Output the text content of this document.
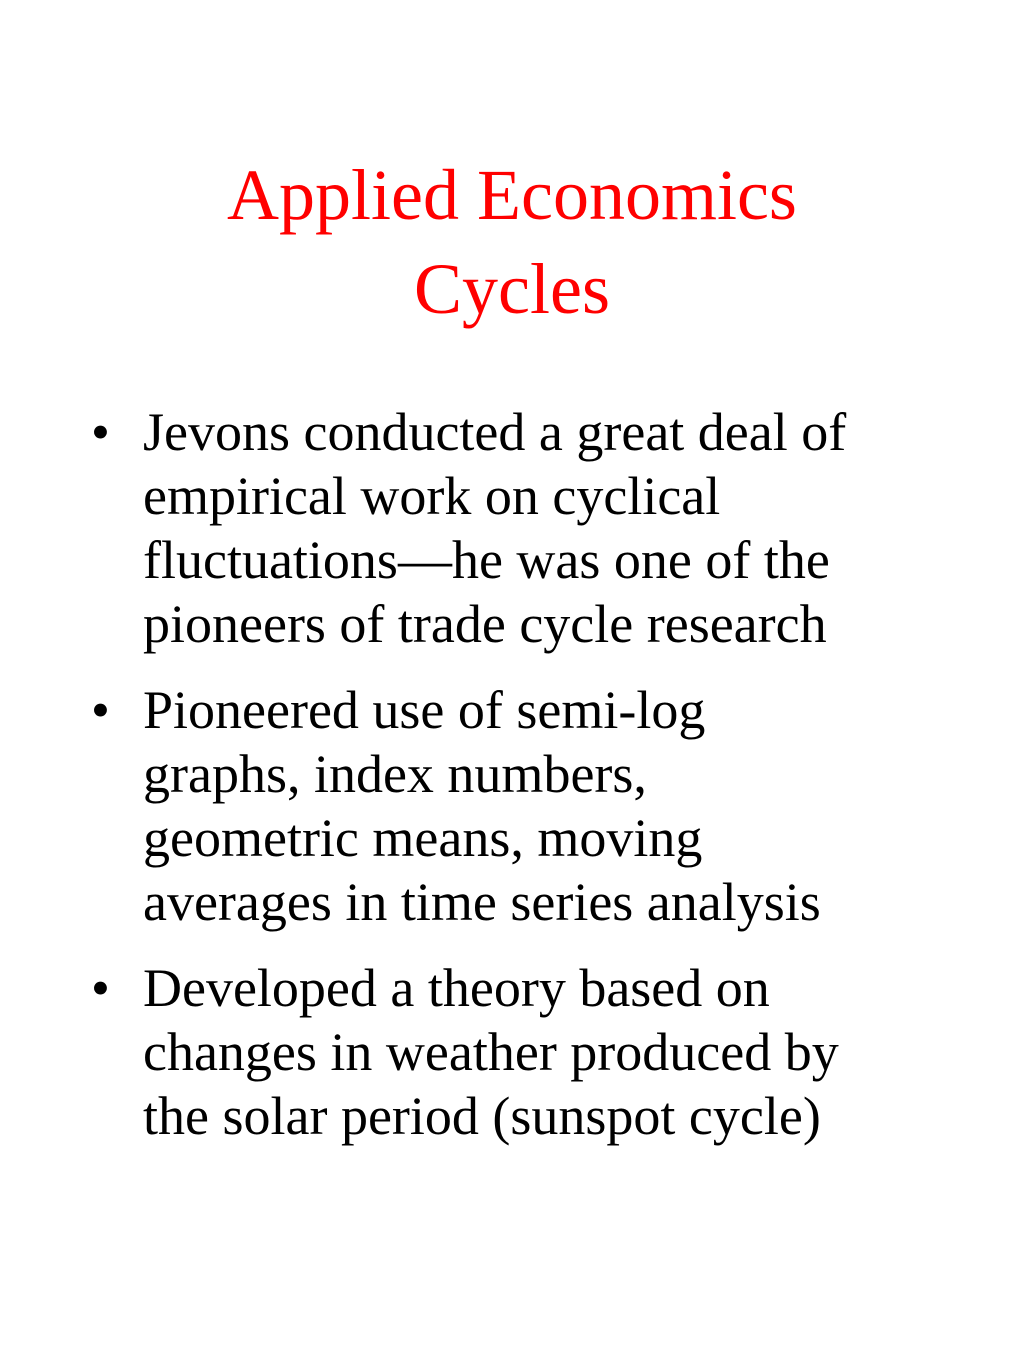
Applied Economics
Cycles
• Jevons conducted a great deal of
empirical work on cyclical
fluctuations—he was one of the
pioneers of trade cycle research
• Pioneered use of semi-log
graphs, index numbers,
geometric means, moving
averages in time series analysis
• Developed a theory based on
changes in weather produced by
the solar period (sunspot cycle)
